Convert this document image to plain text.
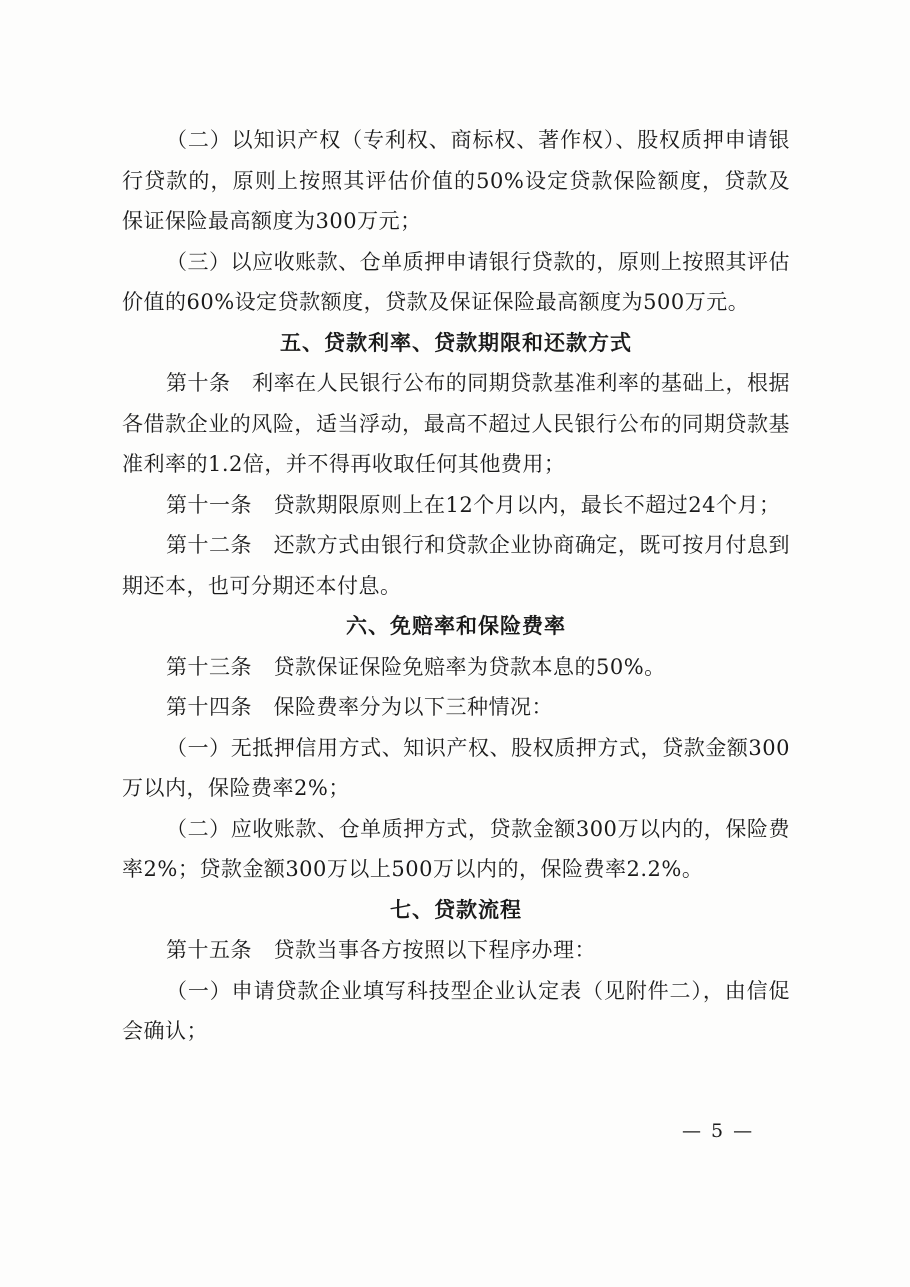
（二）以知识产权（专利权、商标权、著作权）、股权质押申请银行贷款的，原则上按照其评估价值的50%设定贷款保险额度，贷款及保证保险最高额度为300万元；

（三）以应收账款、仓单质押申请银行贷款的，原则上按照其评估价值的60%设定贷款额度，贷款及保证保险最高额度为500万元。

五、贷款利率、贷款期限和还款方式

第十条　利率在人民银行公布的同期贷款基准利率的基础上，根据各借款企业的风险，适当浮动，最高不超过人民银行公布的同期贷款基准利率的1.2倍，并不得再收取任何其他费用；

第十一条　贷款期限原则上在12个月以内，最长不超过24个月；

第十二条　还款方式由银行和贷款企业协商确定，既可按月付息到期还本，也可分期还本付息。

六、免赔率和保险费率

第十三条　贷款保证保险免赔率为贷款本息的50%。

第十四条　保险费率分为以下三种情况：

（一）无抵押信用方式、知识产权、股权质押方式，贷款金额300万以内，保险费率2%；

（二）应收账款、仓单质押方式，贷款金额300万以内的，保险费率2%；贷款金额300万以上500万以内的，保险费率2.2%。

七、贷款流程

第十五条　贷款当事各方按照以下程序办理：

（一）申请贷款企业填写科技型企业认定表（见附件二），由信促会确认；

— 5 —
